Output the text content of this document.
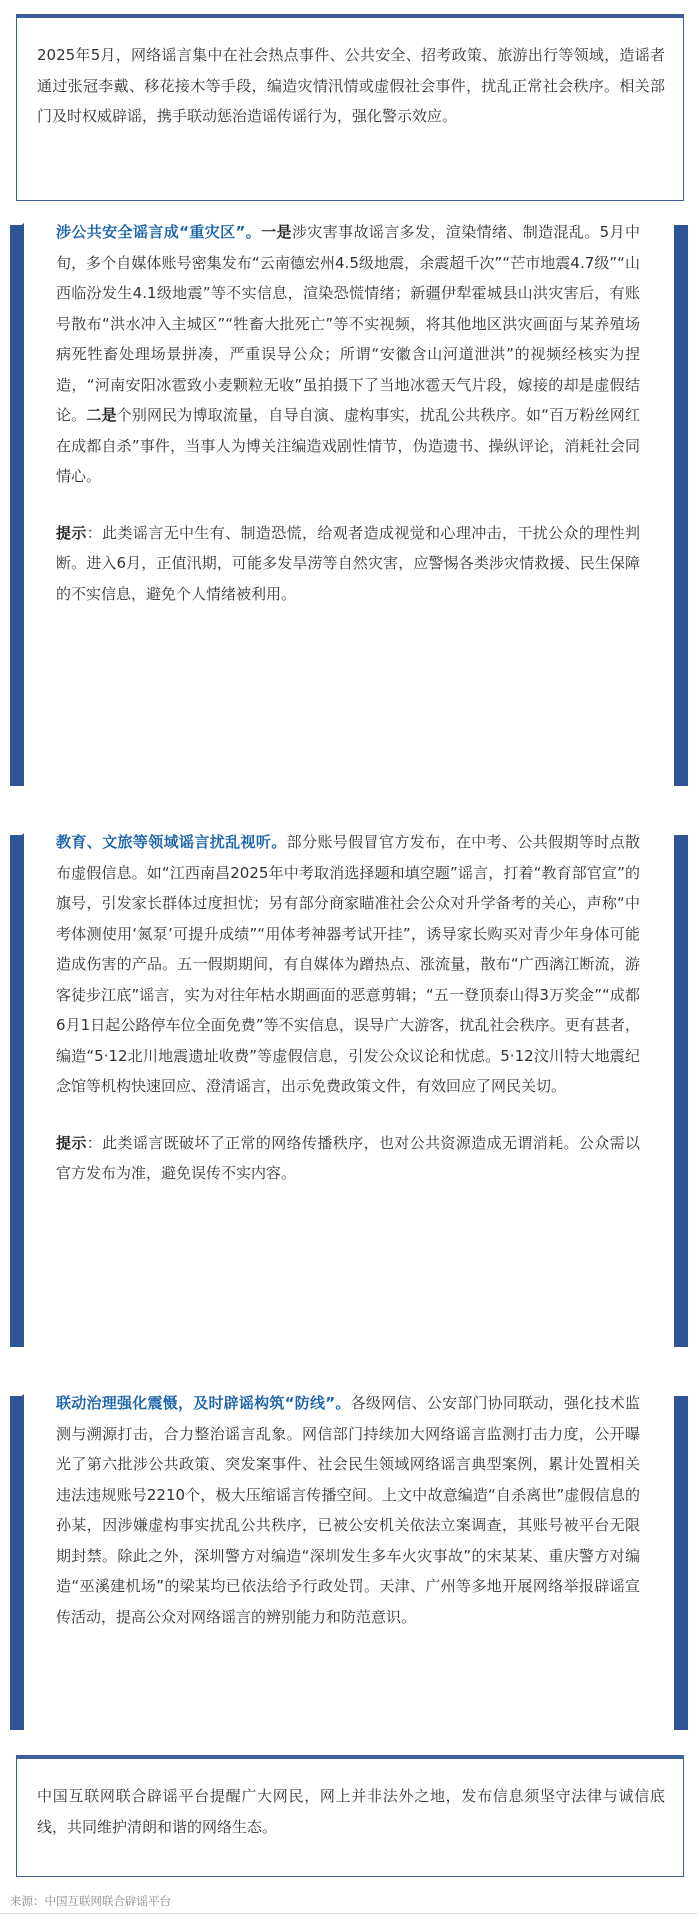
2025年5月，网络谣言集中在社会热点事件、公共安全、招考政策、旅游出行等领域，造谣者通过张冠李戴、移花接木等手段，编造灾情汛情或虚假社会事件，扰乱正常社会秩序。相关部门及时权威辟谣，携手联动惩治造谣传谣行为，强化警示效应。

涉公共安全谣言成“重灾区”。一是涉灾害事故谣言多发，渲染情绪、制造混乱。5月中旬，多个自媒体账号密集发布“云南德宏州4.5级地震，余震超千次”“芒市地震4.7级”“山西临汾发生4.1级地震”等不实信息，渲染恐慌情绪；新疆伊犁霍城县山洪灾害后，有账号散布“洪水冲入主城区”“牲畜大批死亡”等不实视频，将其他地区洪灾画面与某养殖场病死牲畜处理场景拼凑，严重误导公众；所谓“安徽含山河道泄洪”的视频经核实为捏造，“河南安阳冰雹致小麦颗粒无收”虽拍摄下了当地冰雹天气片段，嫁接的却是虚假结论。二是个别网民为博取流量，自导自演、虚构事实，扰乱公共秩序。如“百万粉丝网红在成都自杀”事件，当事人为博关注编造戏剧性情节，伪造遗书、操纵评论，消耗社会同情心。

提示：此类谣言无中生有、制造恐慌，给观者造成视觉和心理冲击，干扰公众的理性判断。进入6月，正值汛期，可能多发旱涝等自然灾害，应警惕各类涉灾情救援、民生保障的不实信息，避免个人情绪被利用。

教育、文旅等领域谣言扰乱视听。部分账号假冒官方发布，在中考、公共假期等时点散布虚假信息。如“江西南昌2025年中考取消选择题和填空题”谣言，打着“教育部官宣”的旗号，引发家长群体过度担忧；另有部分商家瞄准社会公众对升学备考的关心，声称“中考体测使用‘氮泵’可提升成绩”“用体考神器考试开挂”，诱导家长购买对青少年身体可能造成伤害的产品。五一假期期间，有自媒体为蹭热点、涨流量，散布“广西漓江断流，游客徒步江底”谣言，实为对往年枯水期画面的恶意剪辑；“五一登顶泰山得3万奖金”“成都6月1日起公路停车位全面免费”等不实信息，误导广大游客，扰乱社会秩序。更有甚者，编造“5·12北川地震遗址收费”等虚假信息，引发公众议论和忧虑。5·12汶川特大地震纪念馆等机构快速回应、澄清谣言，出示免费政策文件，有效回应了网民关切。

提示：此类谣言既破坏了正常的网络传播秩序，也对公共资源造成无谓消耗。公众需以官方发布为准，避免误传不实内容。

联动治理强化震慑，及时辟谣构筑“防线”。各级网信、公安部门协同联动，强化技术监测与溯源打击，合力整治谣言乱象。网信部门持续加大网络谣言监测打击力度，公开曝光了第六批涉公共政策、突发案事件、社会民生领域网络谣言典型案例，累计处置相关违法违规账号2210个，极大压缩谣言传播空间。上文中故意编造“自杀离世”虚假信息的孙某，因涉嫌虚构事实扰乱公共秩序，已被公安机关依法立案调查，其账号被平台无限期封禁。除此之外，深圳警方对编造“深圳发生多车火灾事故”的宋某某、重庆警方对编造“巫溪建机场”的梁某均已依法给予行政处罚。天津、广州等多地开展网络举报辟谣宣传活动，提高公众对网络谣言的辨别能力和防范意识。

中国互联网联合辟谣平台提醒广大网民，网上并非法外之地，发布信息须坚守法律与诚信底线，共同维护清朗和谐的网络生态。

来源：中国互联网联合辟谣平台
